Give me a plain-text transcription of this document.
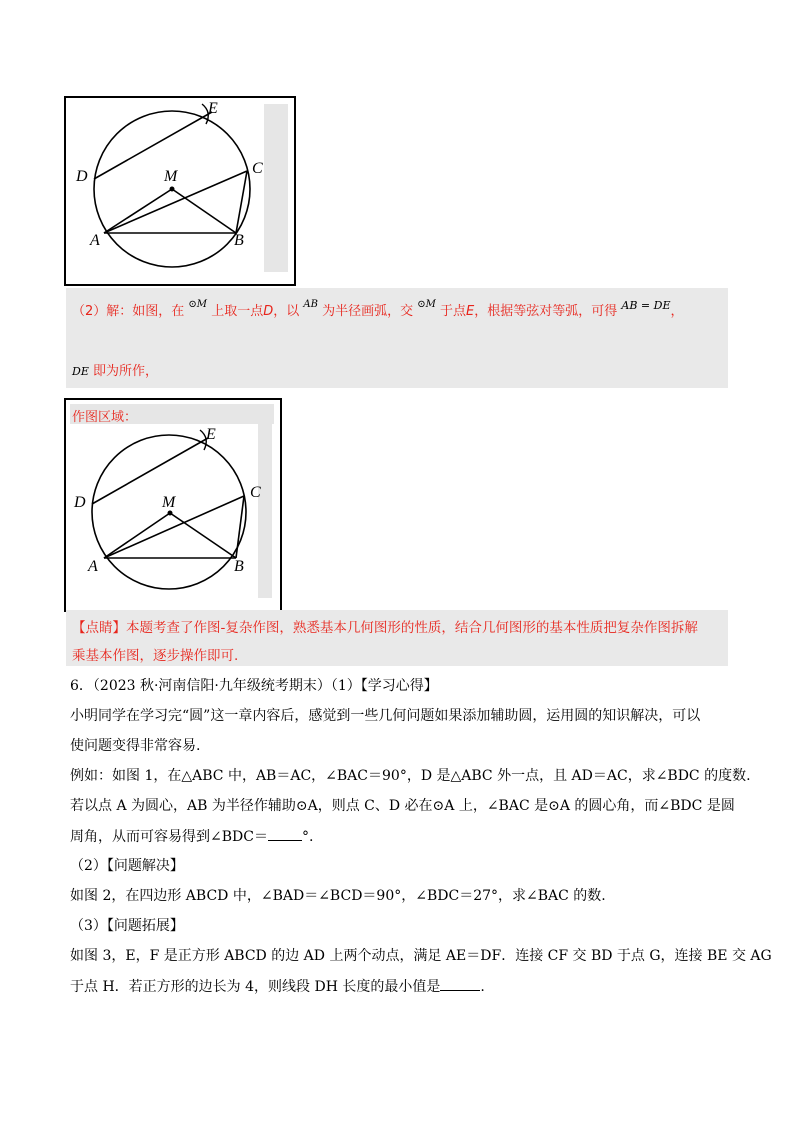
E
D	C
M
A	B
（2）解：如图，在 $^{⊙M}$ 上取一点D，以 $^{AB}$ 为半径画弧，交 $^{⊙M}$ 于点E，根据等弦对等弧，可得 $^{AB = DE}$，
DE 即为所作，
作图区域：
E
D
C
M
A	B
【点睛】本题考查了作图-复杂作图，熟悉基本几何图形的性质，结合几何图形的基本性质把复杂作图拆解
乘基本作图，逐步操作即可.
6．（2023 秋·河南信阳·九年级统考期末）（1）【学习心得】
小明同学在学习完“圆”这一章内容后，感觉到一些几何问题如果添加辅助圆，运用圆的知识解决，可以
使问题变得非常容易.
例如：如图 1，在△ABC 中，AB＝AC，∠BAC＝90°，D 是△ABC 外一点，且 AD＝AC，求∠BDC 的度数.
若以点 A 为圆心，AB 为半径作辅助⊙A，则点 C、D 必在⊙A 上，∠BAC 是⊙A 的圆心角，而∠BDC 是圆
周角，从而可容易得到∠BDC＝ °.
（2）【问题解决】
如图 2，在四边形 ABCD 中，∠BAD＝∠BCD＝90°，∠BDC＝27°，求∠BAC 的数.
（3）【问题拓展】
如图 3，E，F 是正方形 ABCD 的边 AD 上两个动点，满足 AE＝DF．连接 CF 交 BD 于点 G，连接 BE 交 AG
于点 H．若正方形的边长为 4，则线段 DH 长度的最小值是	.
